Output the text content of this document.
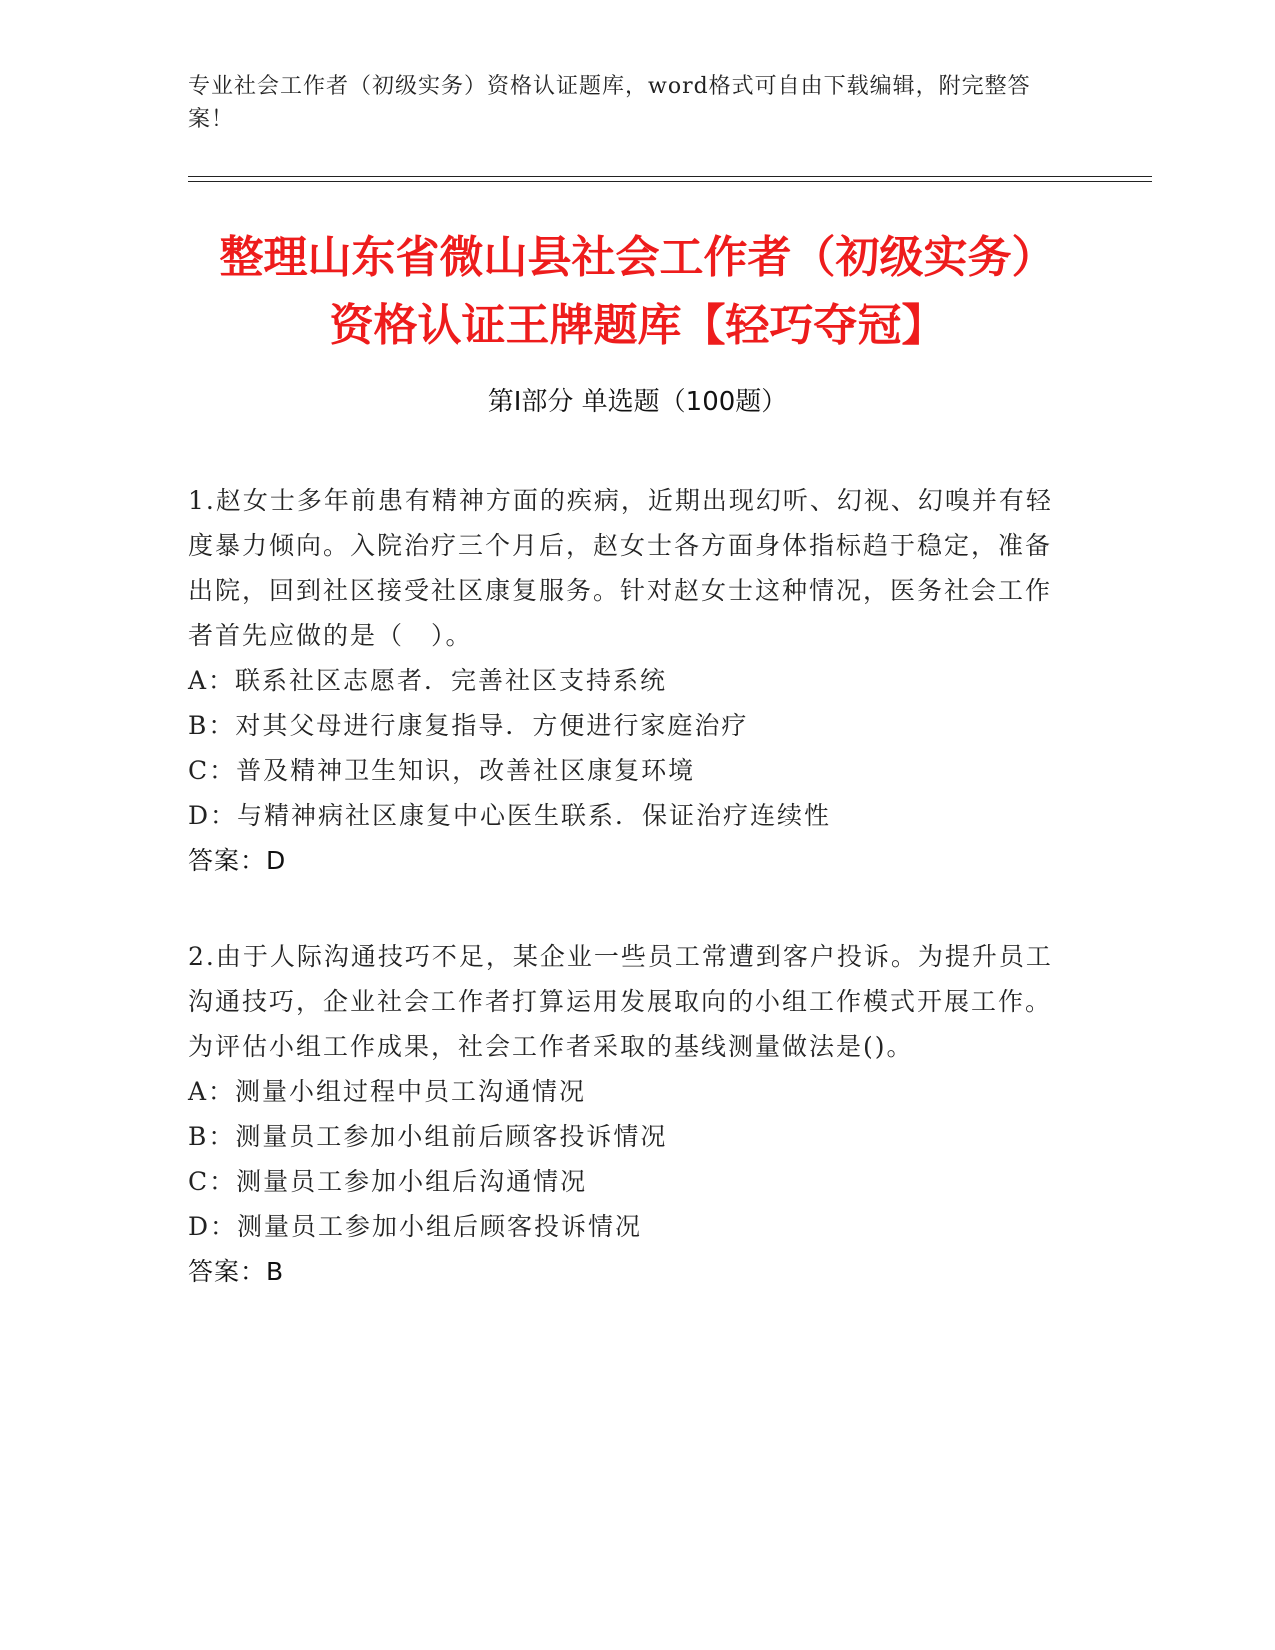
专业社会工作者（初级实务）资格认证题库，word格式可自由下载编辑，附完整答案！
整理山东省微山县社会工作者（初级实务）
资格认证王牌题库【轻巧夺冠】
第Ⅰ部分 单选题（100题）

1.赵女士多年前患有精神方面的疾病，近期出现幻听、幻视、幻嗅并有轻度暴力倾向。入院治疗三个月后，赵女士各方面身体指标趋于稳定，准备出院，回到社区接受社区康复服务。针对赵女士这种情况，医务社会工作者首先应做的是（　）。

A：联系社区志愿者．完善社区支持系统

B：对其父母进行康复指导．方便进行家庭治疗

C：普及精神卫生知识，改善社区康复环境

D：与精神病社区康复中心医生联系．保证治疗连续性

答案：D

2.由于人际沟通技巧不足，某企业一些员工常遭到客户投诉。为提升员工沟通技巧，企业社会工作者打算运用发展取向的小组工作模式开展工作。为评估小组工作成果，社会工作者采取的基线测量做法是()。

A：测量小组过程中员工沟通情况

B：测量员工参加小组前后顾客投诉情况

C：测量员工参加小组后沟通情况

D：测量员工参加小组后顾客投诉情况

答案：B
